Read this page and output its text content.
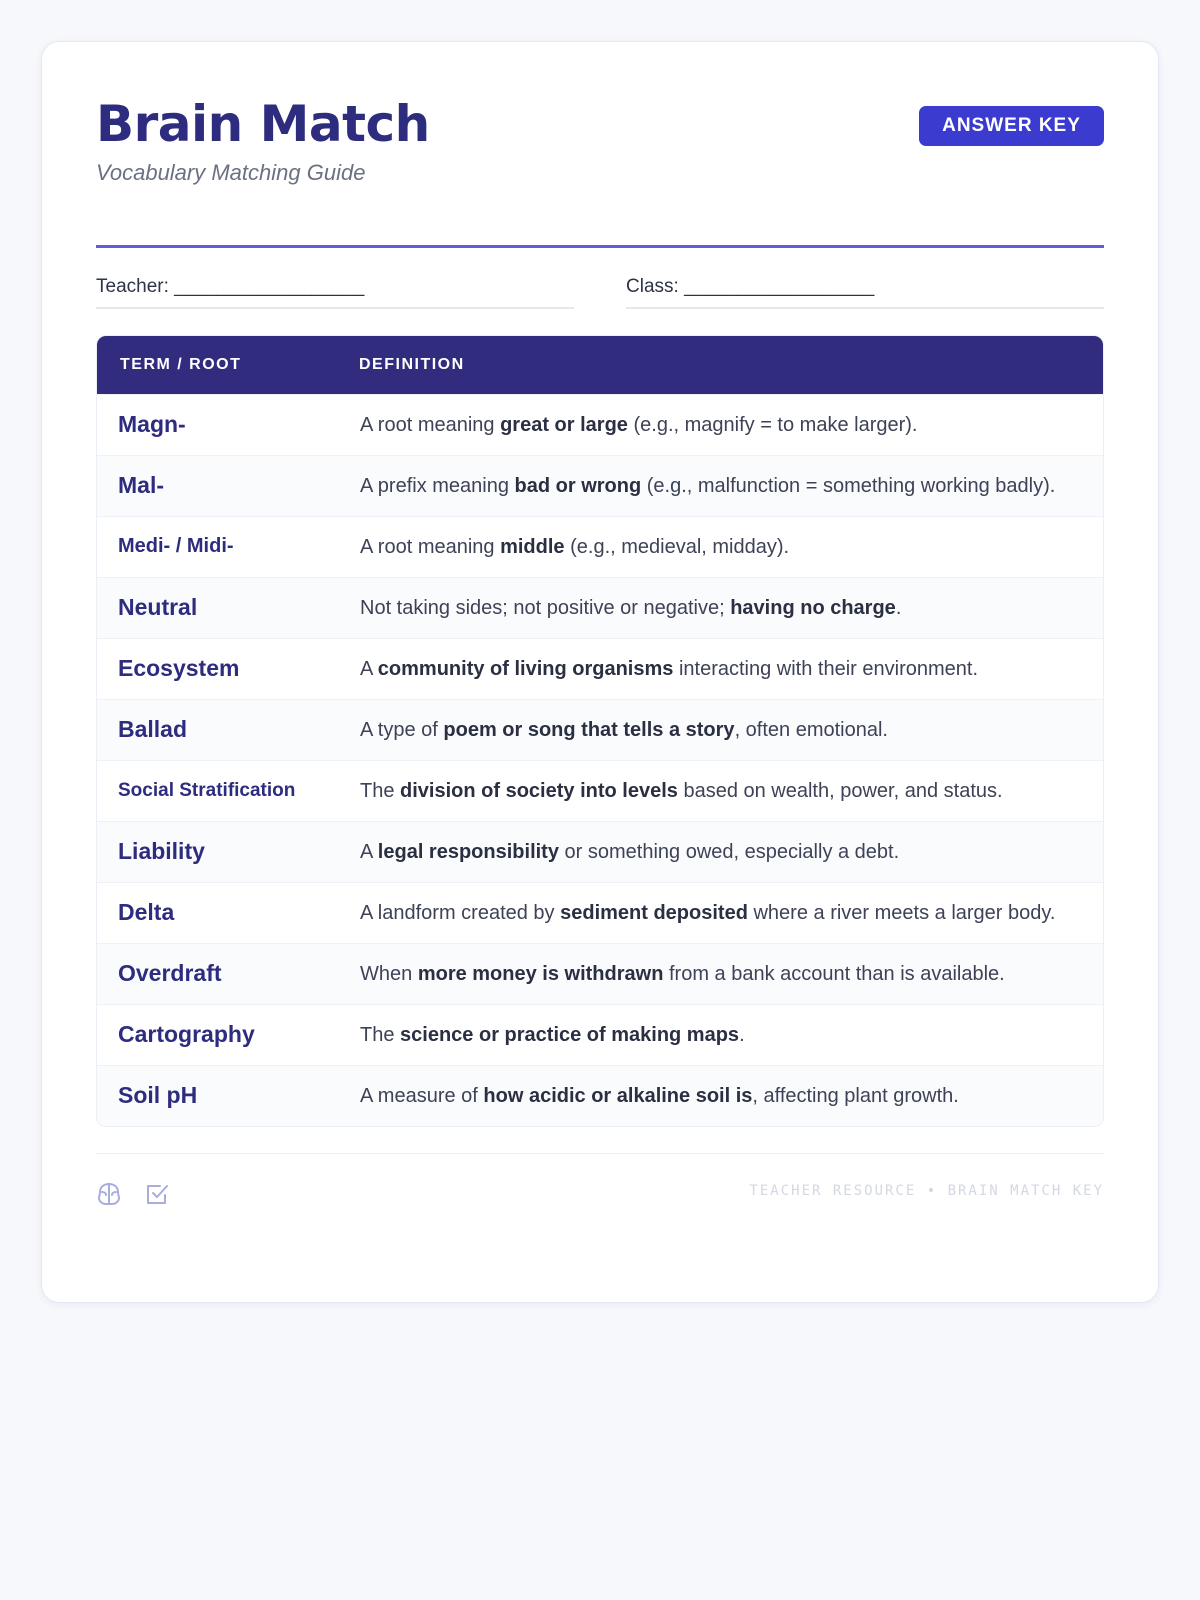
Brain Match

Vocabulary Matching Guide

ANSWER KEY
Teacher: __________________	Class: __________________
TERM / ROOT	DEFINITION
Magn-	A root meaning great or large (e.g., magnify = to make larger).
Mal-	A prefix meaning bad or wrong (e.g., malfunction = something working badly).
Medi- / Midi-	A root meaning middle (e.g., medieval, midday).
Neutral	Not taking sides; not positive or negative; having no charge.
Ecosystem	A community of living organisms interacting with their environment.
Ballad	A type of poem or song that tells a story, often emotional.
Social Stratification	The division of society into levels based on wealth, power, and status.
Liability	A legal responsibility or something owed, especially a debt.
Delta	A landform created by sediment deposited where a river meets a larger body.
Overdraft	When more money is withdrawn from a bank account than is available.
Cartography	The science or practice of making maps.
Soil pH	A measure of how acidic or alkaline soil is, affecting plant growth.
TEACHER RESOURCE • BRAIN MATCH KEY
